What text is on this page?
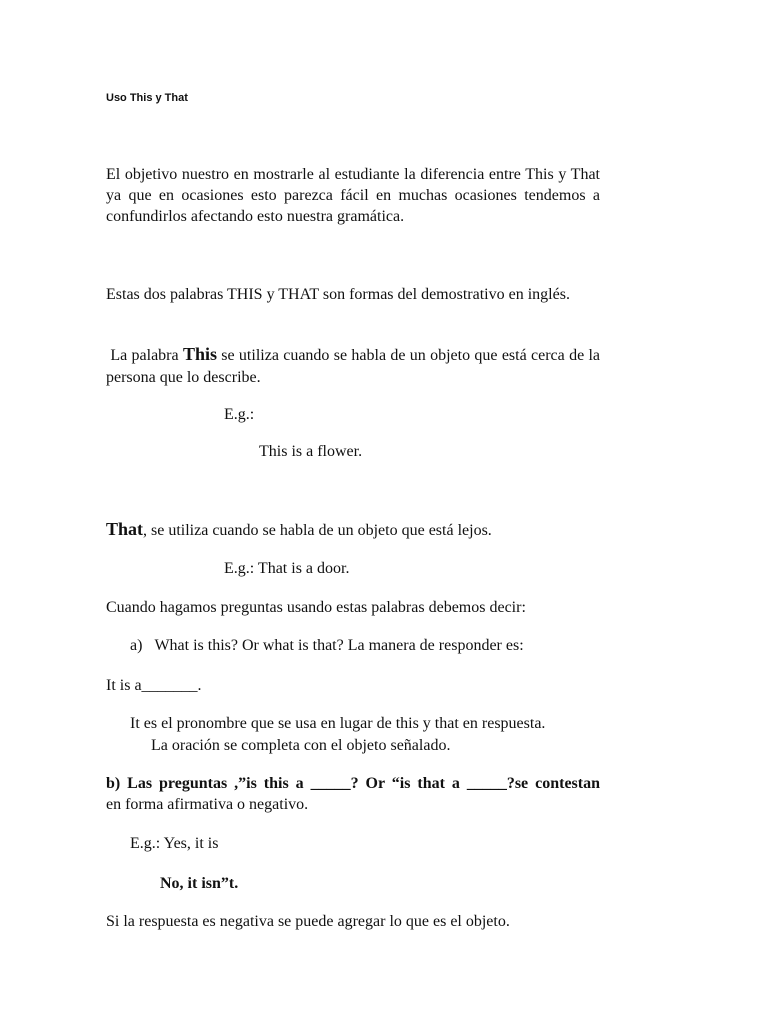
Uso This y That
El objetivo nuestro en mostrarle al estudiante la diferencia entre This y That ya que en ocasiones esto parezca fácil en muchas ocasiones tendemos a confundirlos afectando esto nuestra gramática.
Estas dos palabras THIS y THAT son formas del demostrativo en inglés.
La palabra This se utiliza cuando se habla de un objeto que está cerca de la persona que lo describe.
E.g.:
This is a flower.
That, se utiliza cuando se habla de un objeto que está lejos.
E.g.: That is a door.
Cuando hagamos preguntas usando estas palabras debemos decir:
a) What is this? Or what is that? La manera de responder es:
It is a_______.
It es el pronombre que se usa en lugar de this y that en respuesta.
La oración se completa con el objeto señalado.
b) Las preguntas ,”is this a _____? Or “is that a _____?se contestan
en forma afirmativa o negativo.
E.g.: Yes, it is
No, it isn”t.
Si la respuesta es negativa se puede agregar lo que es el objeto.
